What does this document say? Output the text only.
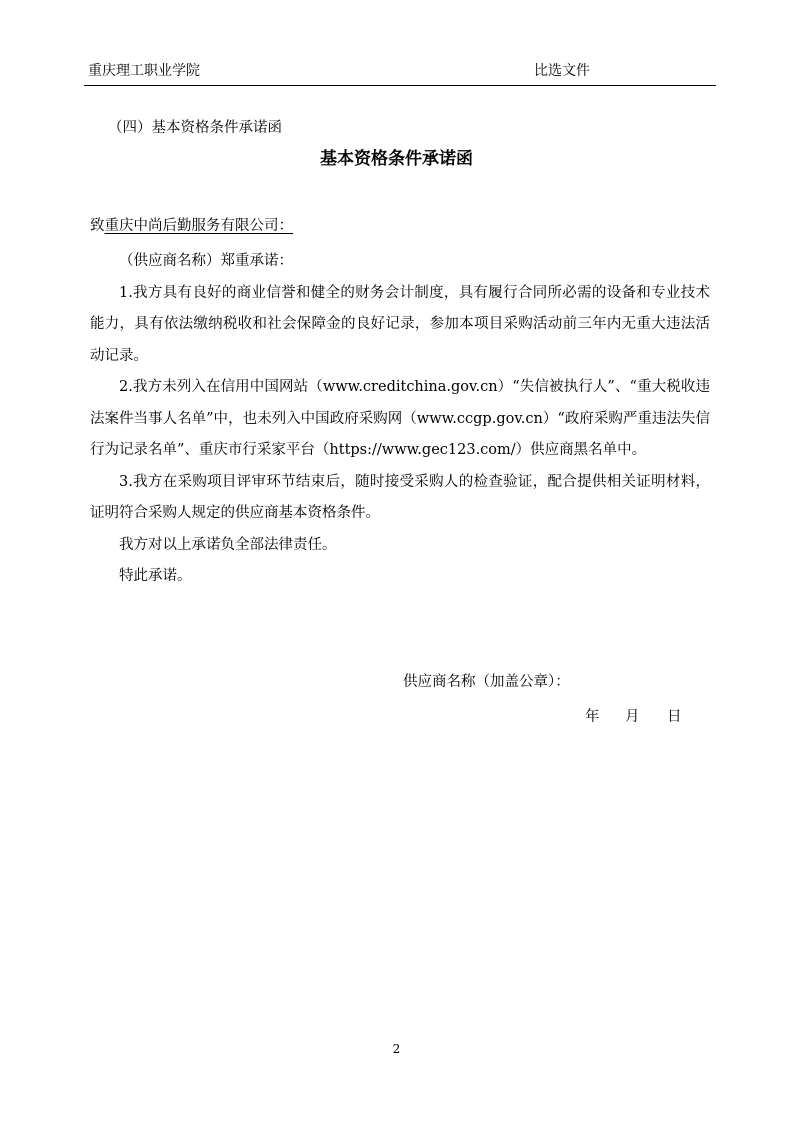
重庆理工职业学院	比选文件
（四）基本资格条件承诺函
基本资格条件承诺函
致重庆中尚后勤服务有限公司：

（供应商名称）郑重承诺：

1.我方具有良好的商业信誉和健全的财务会计制度，具有履行合同所必需的设备和专业技术能力，具有依法缴纳税收和社会保障金的良好记录，参加本项目采购活动前三年内无重大违法活动记录。

2.我方未列入在信用中国网站（www.creditchina.gov.cn）“失信被执行人”、“重大税收违法案件当事人名单”中，也未列入中国政府采购网（www.ccgp.gov.cn）“政府采购严重违法失信行为记录名单”、重庆市行采家平台（https://www.gec123.com/）供应商黑名单中。

3.我方在采购项目评审环节结束后，随时接受采购人的检查验证，配合提供相关证明材料，证明符合采购人规定的供应商基本资格条件。

我方对以上承诺负全部法律责任。

特此承诺。

供应商名称（加盖公章）：
年 月 日
2
